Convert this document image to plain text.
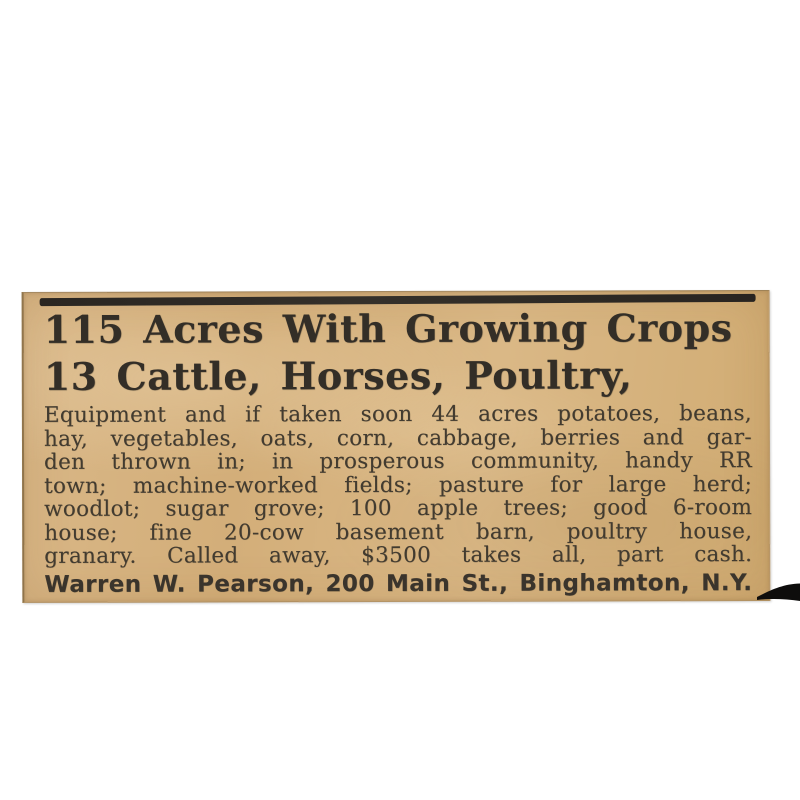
115 Acres With Growing Crops
13 Cattle, Horses, Poultry,
Equipment and if taken soon 44 acres potatoes, beans,
hay, vegetables, oats, corn, cabbage, berries and gar-
den thrown in; in prosperous community, handy RR
town; machine-worked fields; pasture for large herd;
woodlot; sugar grove; 100 apple trees; good 6-room
house; fine 20-cow basement barn, poultry house,
granary. Called away, $3500 takes all, part cash.
Warren W. Pearson, 200 Main St., Binghamton, N.Y.
